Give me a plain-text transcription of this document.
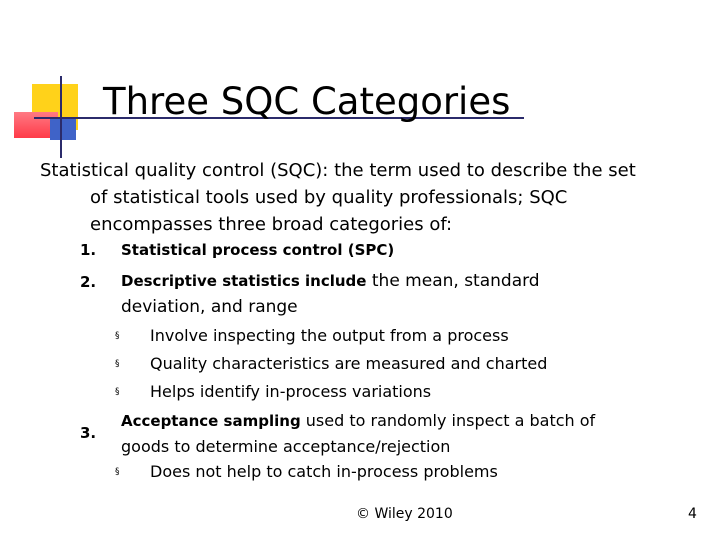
Three SQC Categories

Statistical quality control (SQC): the term used to describe the set
of statistical tools used by quality professionals; SQC
encompasses three broad categories of:

1. Statistical process control (SPC)
2. Descriptive statistics include the mean, standard
deviation, and range
§ Involve inspecting the output from a process
§ Quality characteristics are measured and charted
§ Helps identify in-process variations
3.
Acceptance sampling used to randomly inspect a batch of
goods to determine acceptance/rejection
§ Does not help to catch in-process problems
© Wiley 2010	4
